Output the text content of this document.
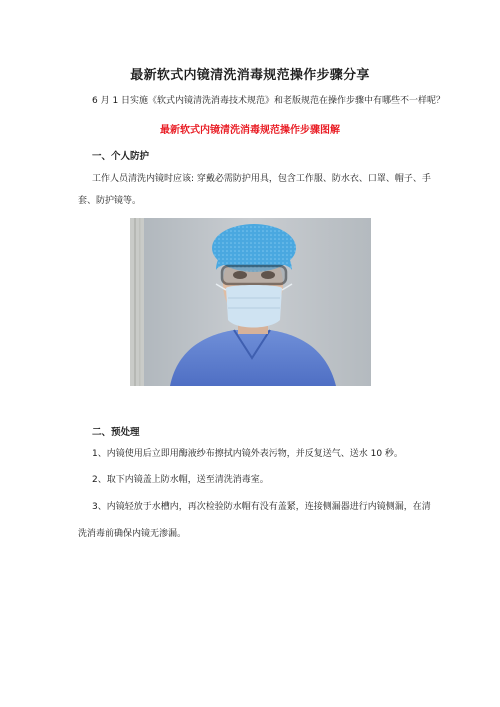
最新软式内镜清洗消毒规范操作步骤分享
6 月 1 日实施《软式内镜清洗消毒技术规范》和老版规范在操作步骤中有哪些不一样呢？
最新软式内镜清洗消毒规范操作步骤图解
一、个人防护
工作人员清洗内镜时应该: 穿戴必需防护用具，包含工作服、防水衣、口罩、帽子、手
套、防护镜等。
二、预处理
1、内镜使用后立即用酶液纱布擦拭内镜外表污物，并反复送气、送水 10 秒。
2、取下内镜盖上防水帽，送至清洗消毒室。
3、内镜轻放于水槽内，再次检验防水帽有没有盖紧，连接侧漏器进行内镜侧漏，在清
洗消毒前确保内镜无渗漏。
